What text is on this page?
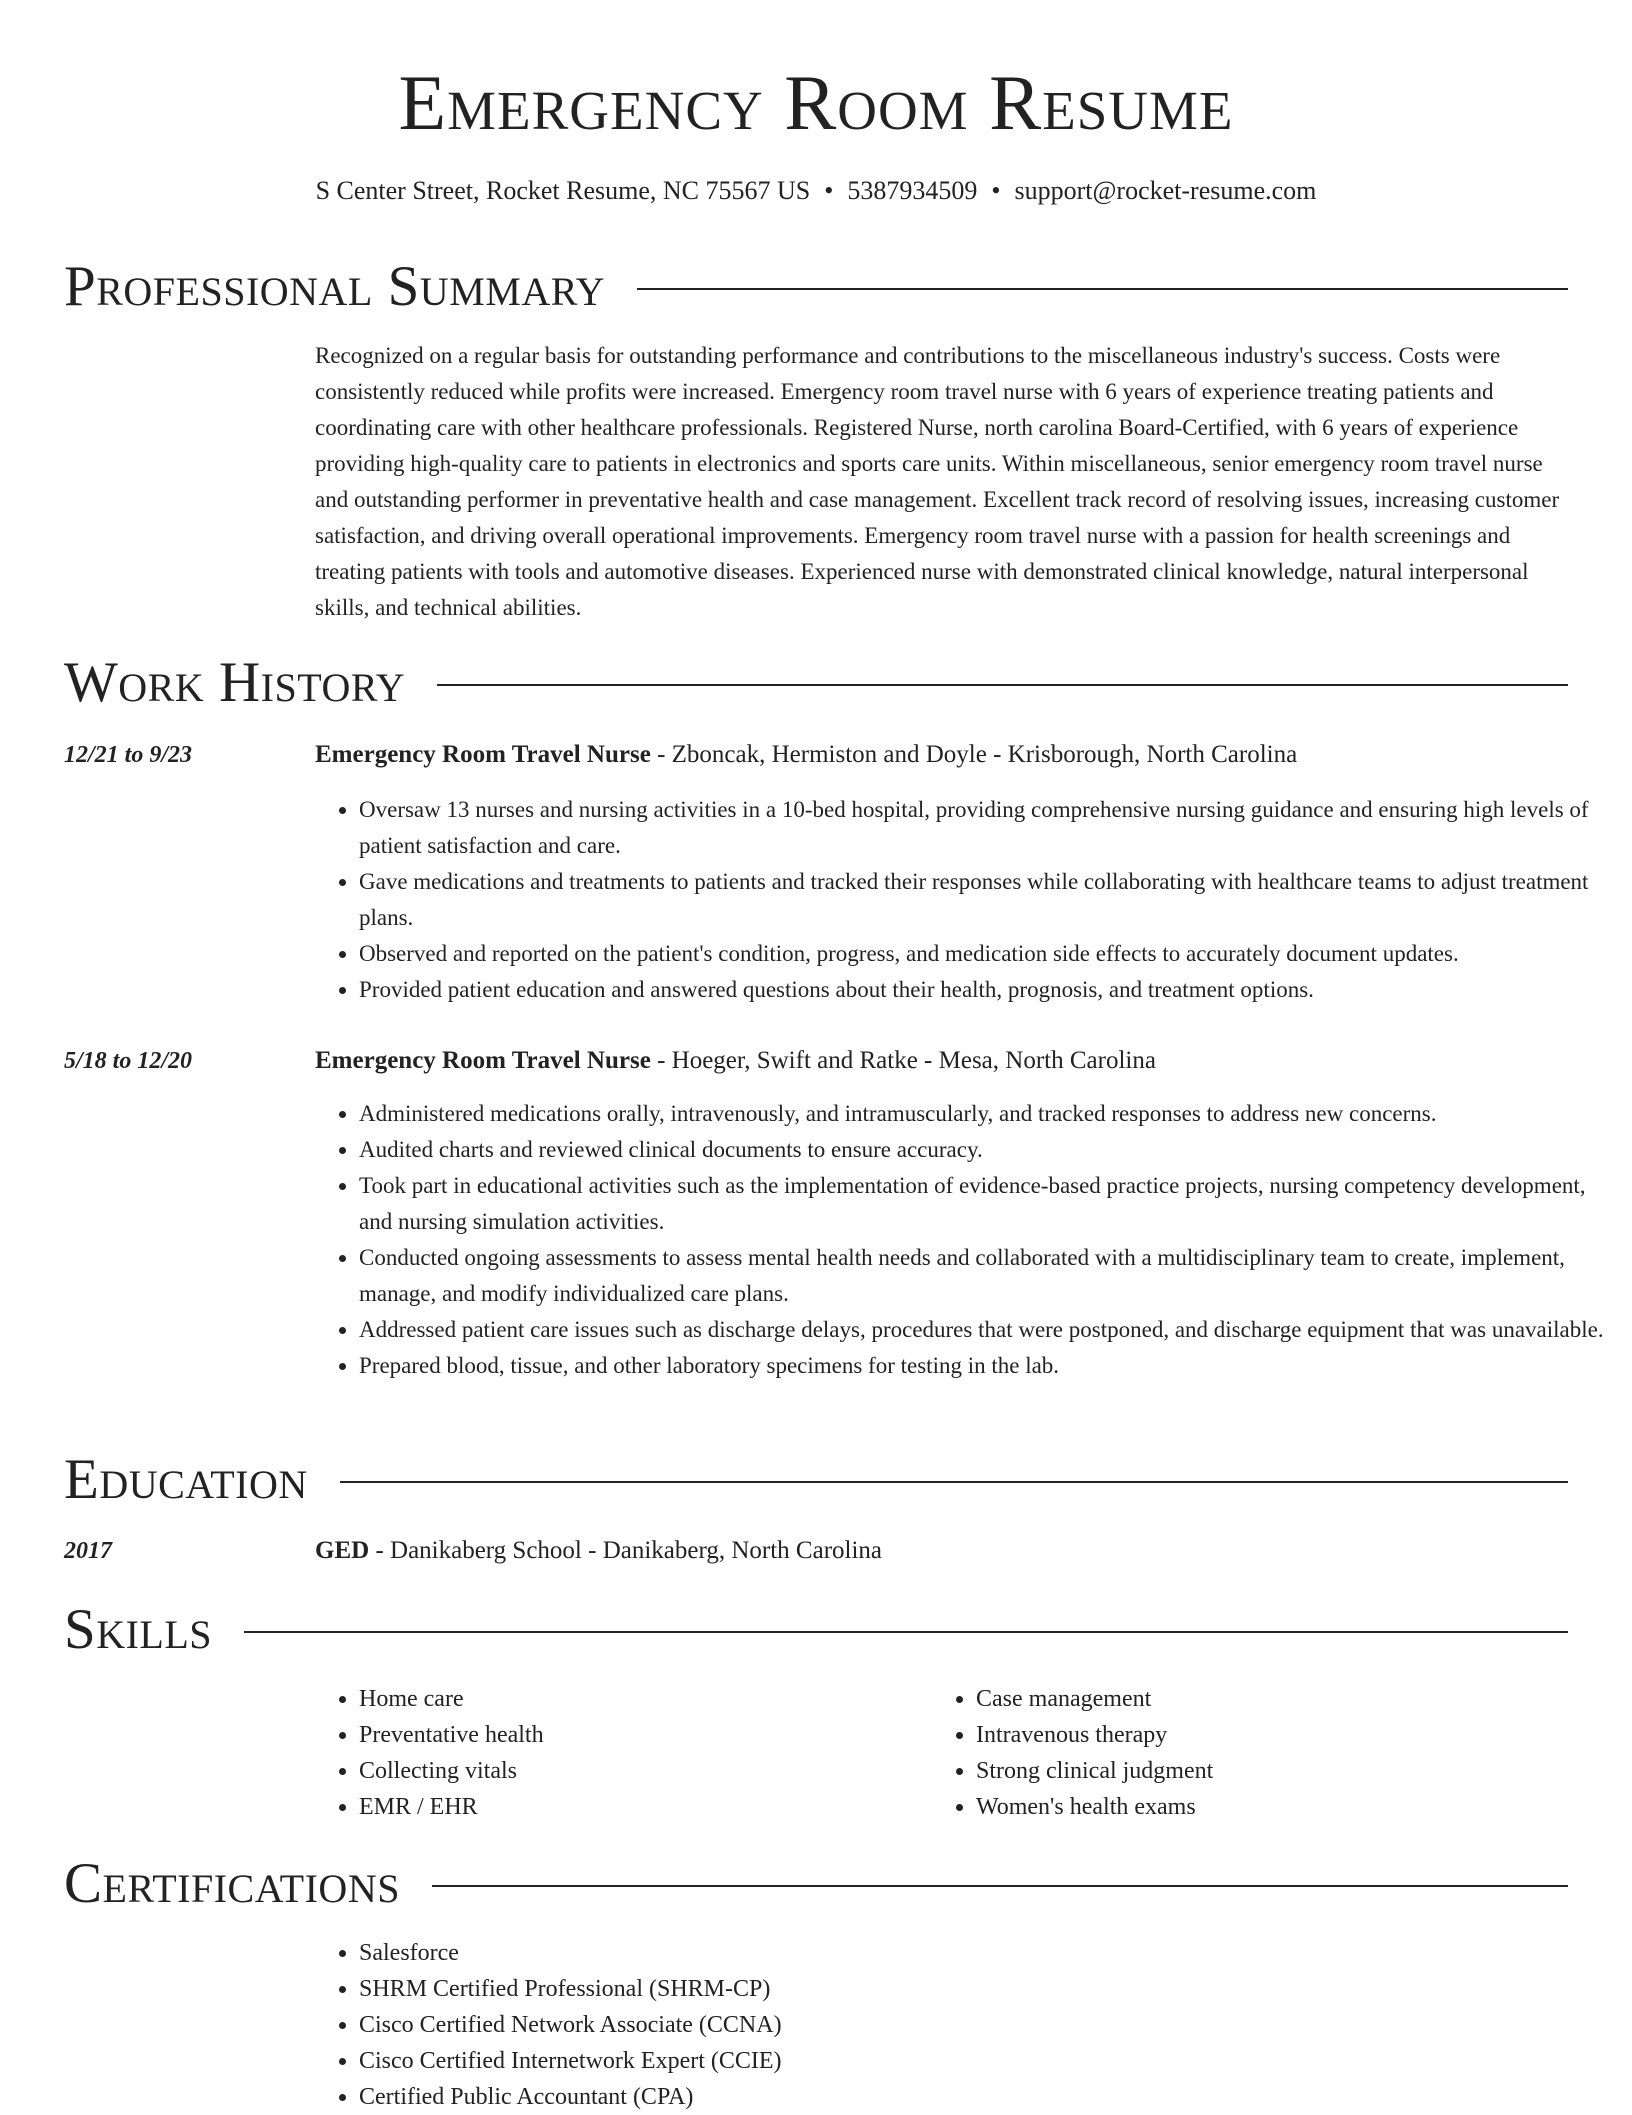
Emergency Room Resume
S Center Street, Rocket Resume, NC 75567 US • 5387934509 • support@rocket-resume.com
Professional Summary

Recognized on a regular basis for outstanding performance and contributions to the miscellaneous industry's success. Costs were consistently reduced while profits were increased. Emergency room travel nurse with 6 years of experience treating patients and coordinating care with other healthcare professionals. Registered Nurse, north carolina Board-Certified, with 6 years of experience providing high-quality care to patients in electronics and sports care units. Within miscellaneous, senior emergency room travel nurse and outstanding performer in preventative health and case management. Excellent track record of resolving issues, increasing customer satisfaction, and driving overall operational improvements. Emergency room travel nurse with a passion for health screenings and treating patients with tools and automotive diseases. Experienced nurse with demonstrated clinical knowledge, natural interpersonal skills, and technical abilities.

Work History
12/21 to 9/23	Emergency Room Travel Nurse - Zboncak, Hermiston and Doyle - Krisborough, North Carolina
• Oversaw 13 nurses and nursing activities in a 10-bed hospital, providing comprehensive nursing guidance and ensuring high levels of patient satisfaction and care.
• Gave medications and treatments to patients and tracked their responses while collaborating with healthcare teams to adjust treatment plans.
• Observed and reported on the patient's condition, progress, and medication side effects to accurately document updates.
• Provided patient education and answered questions about their health, prognosis, and treatment options.
5/18 to 12/20	Emergency Room Travel Nurse - Hoeger, Swift and Ratke - Mesa, North Carolina
• Administered medications orally, intravenously, and intramuscularly, and tracked responses to address new concerns.
• Audited charts and reviewed clinical documents to ensure accuracy.
• Took part in educational activities such as the implementation of evidence-based practice projects, nursing competency development, and nursing simulation activities.
• Conducted ongoing assessments to assess mental health needs and collaborated with a multidisciplinary team to create, implement, manage, and modify individualized care plans.
• Addressed patient care issues such as discharge delays, procedures that were postponed, and discharge equipment that was unavailable.
• Prepared blood, tissue, and other laboratory specimens for testing in the lab.
Education
2017	GED - Danikaberg School - Danikaberg, North Carolina
Skills
• Home care
• Preventative health
• Collecting vitals
• EMR / EHR
• Case management
• Intravenous therapy
• Strong clinical judgment
• Women's health exams
Certifications
• Salesforce
• SHRM Certified Professional (SHRM-CP)
• Cisco Certified Network Associate (CCNA)
• Cisco Certified Internetwork Expert (CCIE)
• Certified Public Accountant (CPA)
